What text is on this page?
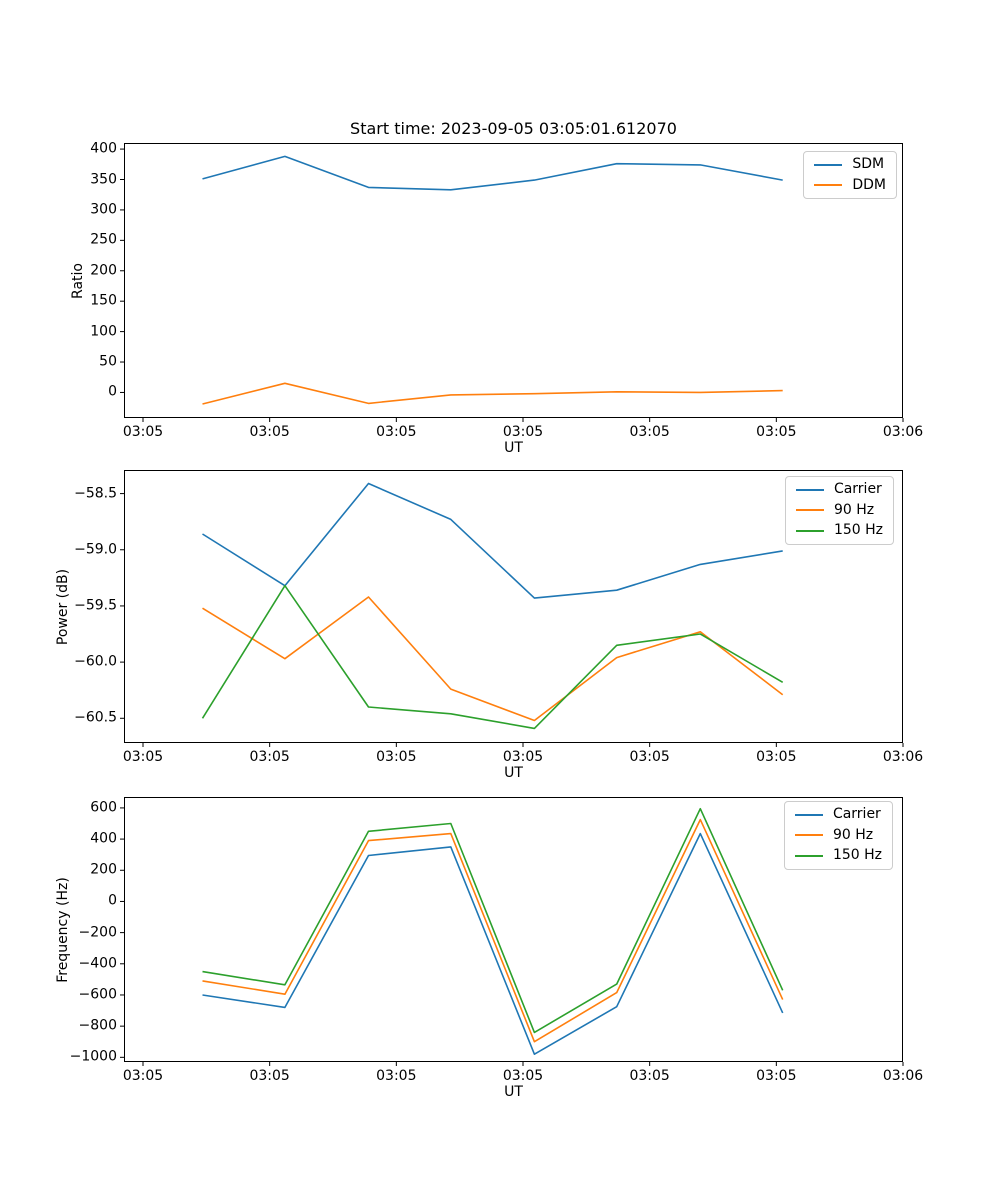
Start time: 2023-09-05 03:05:01.612070
Ratio
UT
SDM
DDM
03:05	03:05	03:05	03:05	03:05	03:05	03:06
0
50
100
150
200
250
300
350
400
Power (dB)
UT
Carrier
90 Hz
150 Hz
03:05	03:05	03:05	03:05	03:05	03:05	03:06
−58.5
−59.0
−59.5
−60.0
−60.5
Frequency (Hz)
UT
Carrier
90 Hz
150 Hz
03:05	03:05	03:05	03:05	03:05	03:05	03:06
600
400
200
0
−200
−400
−600
−800
−1000
